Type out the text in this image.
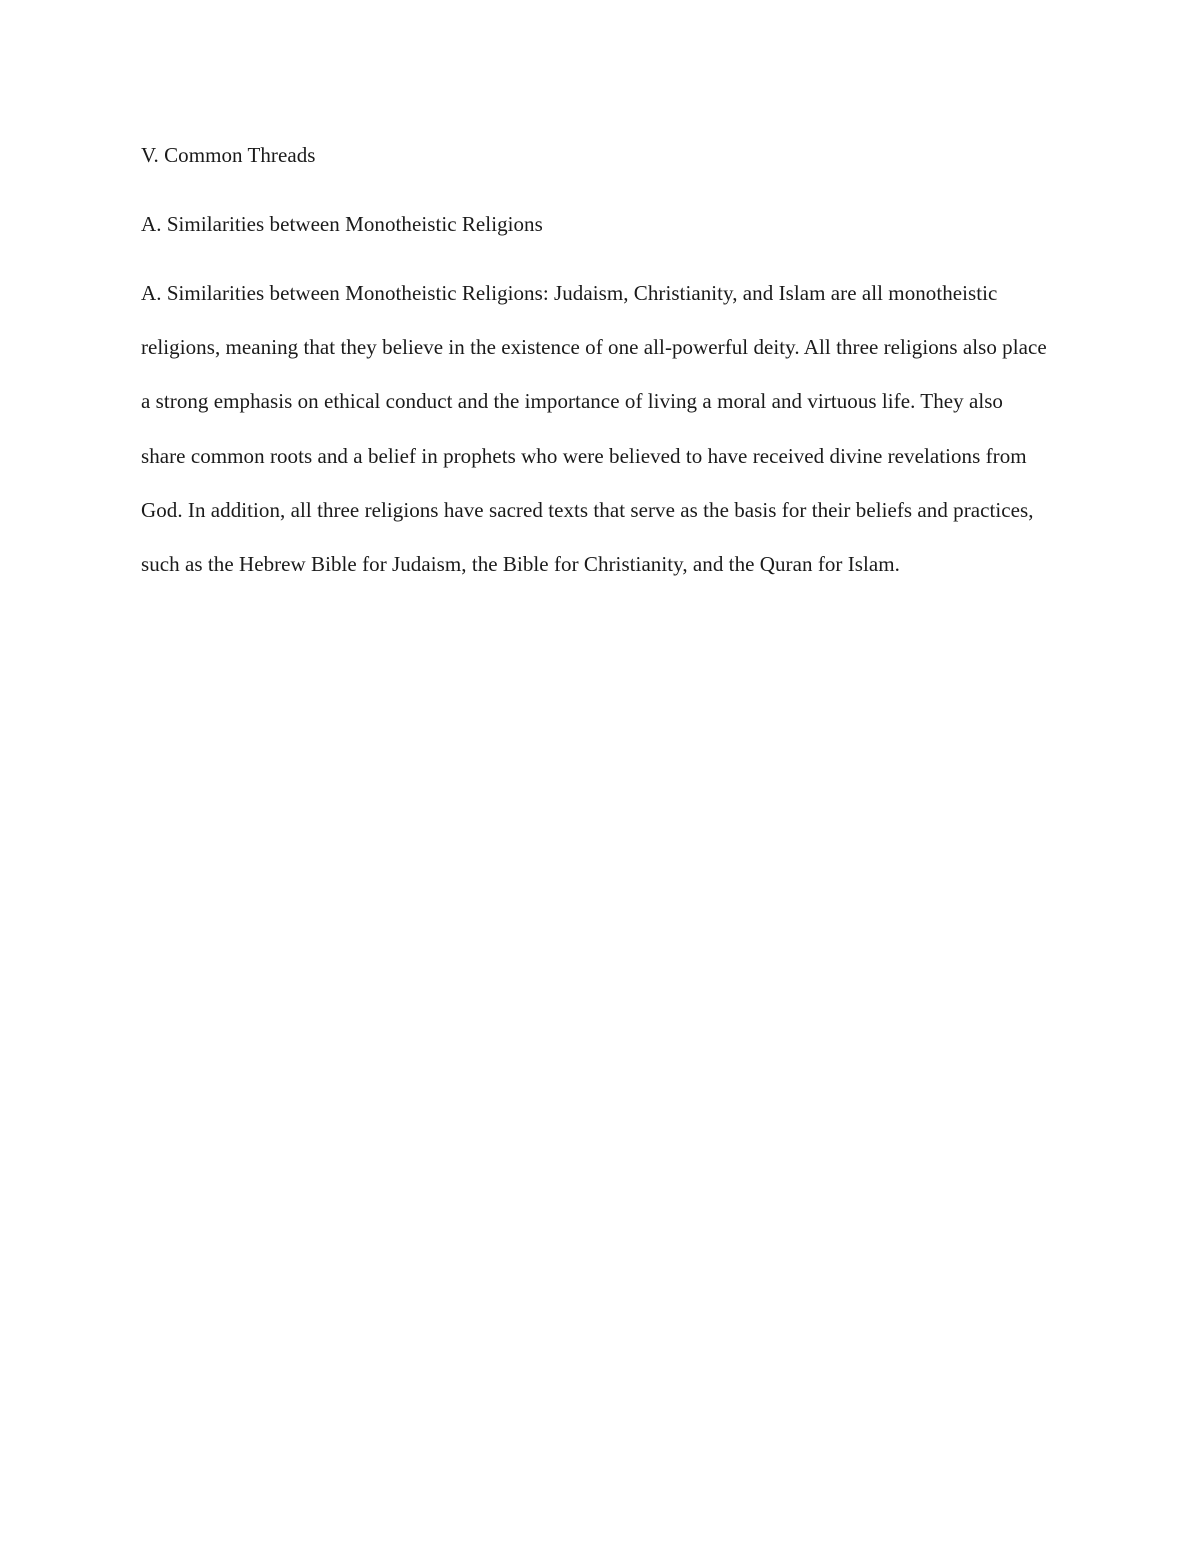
V. Common Threads

A. Similarities between Monotheistic Religions

A. Similarities between Monotheistic Religions: Judaism, Christianity, and Islam are all monotheistic religions, meaning that they believe in the existence of one all-powerful deity. All three religions also place a strong emphasis on ethical conduct and the importance of living a moral and virtuous life. They also share common roots and a belief in prophets who were believed to have received divine revelations from God. In addition, all three religions have sacred texts that serve as the basis for their beliefs and practices, such as the Hebrew Bible for Judaism, the Bible for Christianity, and the Quran for Islam.
